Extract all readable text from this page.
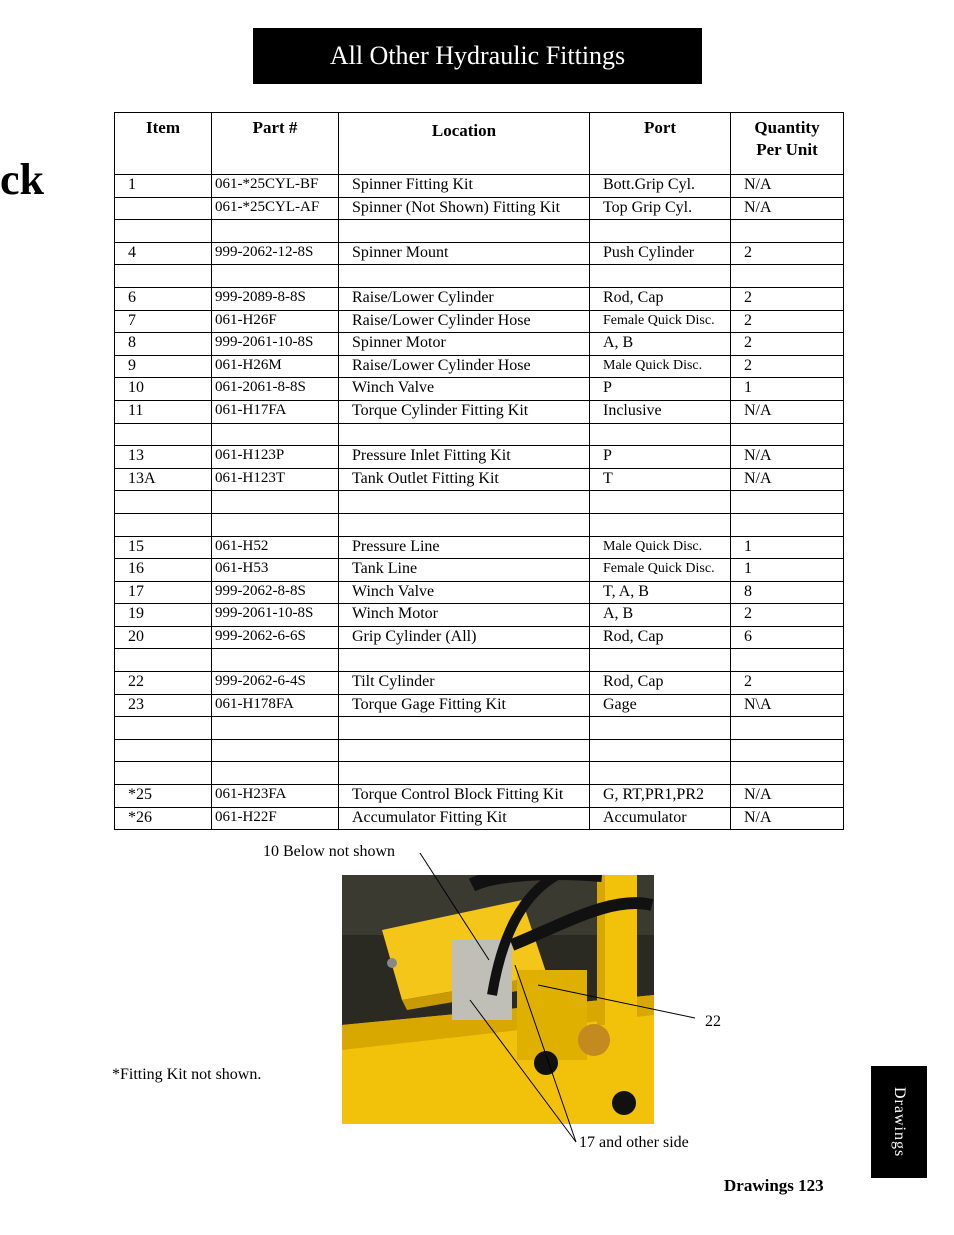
All Other Hydraulic Fittings
ck
Item	Part #	Location	Port	Quantity
Per Unit
1	061-*25CYL-BF	Spinner Fitting Kit	Bott.Grip Cyl.	N/A
	061-*25CYL-AF	Spinner (Not Shown) Fitting Kit	Top Grip Cyl.	N/A

4	999-2062-12-8S	Spinner Mount	Push Cylinder	2

6	999-2089-8-8S	Raise/Lower Cylinder	Rod, Cap	2
7	061-H26F	Raise/Lower Cylinder Hose	Female Quick Disc.	2
8	999-2061-10-8S	Spinner Motor	A, B	2
9	061-H26M	Raise/Lower Cylinder Hose	Male Quick Disc.	2
10	061-2061-8-8S	Winch Valve	P	1
11	061-H17FA	Torque Cylinder Fitting Kit	Inclusive	N/A

13	061-H123P	Pressure Inlet Fitting Kit	P	N/A
13A	061-H123T	Tank Outlet Fitting Kit	T	N/A

15	061-H52	Pressure Line	Male Quick Disc.	1
16	061-H53	Tank Line	Female Quick Disc.	1
17	999-2062-8-8S	Winch Valve	T, A, B	8
19	999-2061-10-8S	Winch Motor	A, B	2
20	999-2062-6-6S	Grip Cylinder (All)	Rod, Cap	6

22	999-2062-6-4S	Tilt Cylinder	Rod, Cap	2
23	061-H178FA	Torque Gage Fitting Kit	Gage	N\A

*25	061-H23FA	Torque Control Block Fitting Kit	G, RT,PR1,PR2	N/A
*26	061-H22F	Accumulator Fitting Kit	Accumulator	N/A
10 Below not shown
22
17 and other side
*Fitting Kit not shown.
Drawings
Drawings 123
